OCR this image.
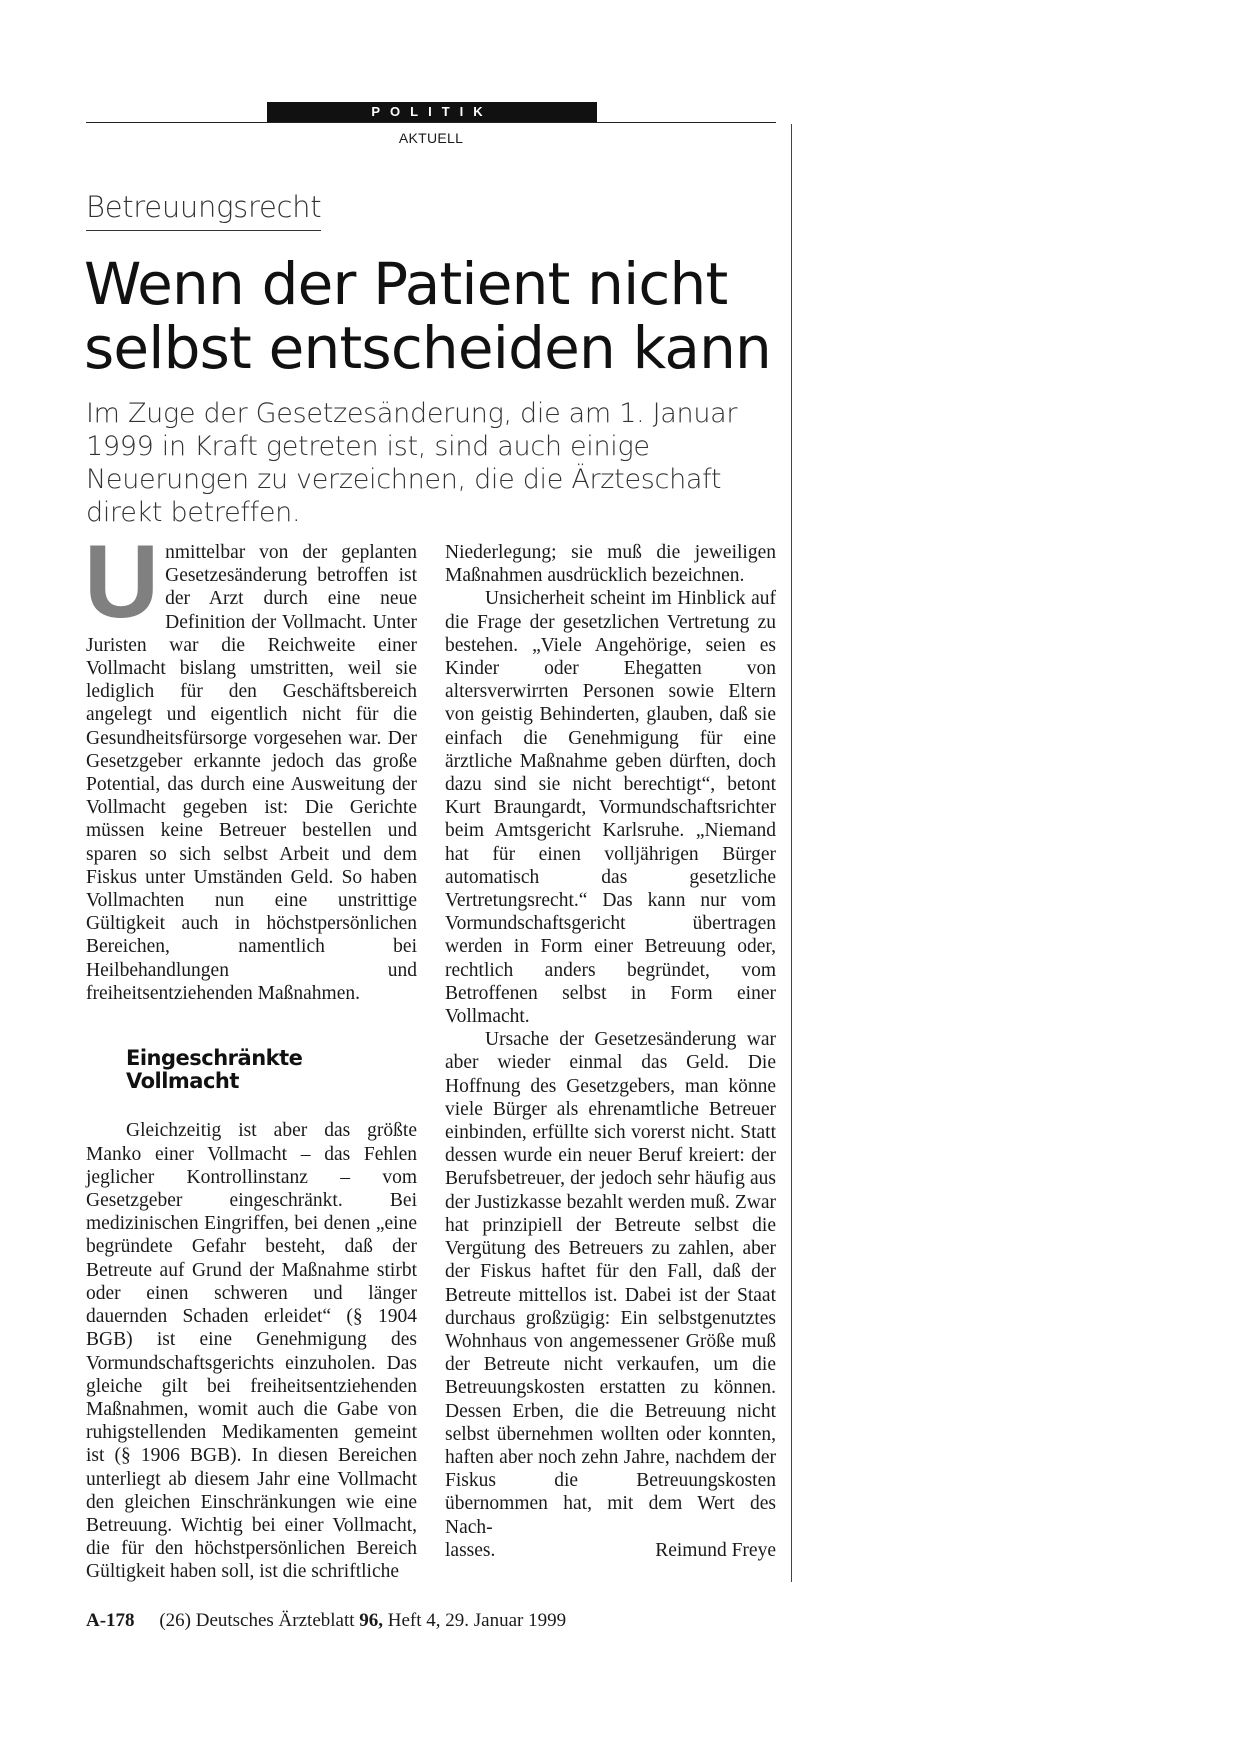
POLITIK
AKTUELL
Betreuungsrecht
Wenn der Patient nicht
selbst entscheiden kann

Im Zuge der Gesetzesänderung, die am 1. Januar 1999 in Kraft getreten ist, sind auch einige Neuerungen zu verzeichnen, die die Ärzteschaft direkt betreffen.

Unmittelbar von der geplanten Gesetzesänderung betroffen ist der Arzt durch eine neue Definition der Vollmacht. Unter Juristen war die Reichweite einer Vollmacht bislang umstritten, weil sie lediglich für den Geschäftsbereich angelegt und eigentlich nicht für die Gesundheitsfürsorge vorgesehen war. Der Gesetzgeber erkannte jedoch das große Potential, das durch eine Ausweitung der Vollmacht gegeben ist: Die Gerichte müssen keine Betreuer bestellen und sparen so sich selbst Arbeit und dem Fiskus unter Umständen Geld. So haben Vollmachten nun eine unstrittige Gültigkeit auch in höchstpersönlichen Bereichen, namentlich bei Heilbehandlungen und freiheitsentziehenden Maßnahmen.

Eingeschränkte Vollmacht

Gleichzeitig ist aber das größte Manko einer Vollmacht – das Fehlen jeglicher Kontrollinstanz – vom Gesetzgeber eingeschränkt. Bei medizinischen Eingriffen, bei denen „eine begründete Gefahr besteht, daß der Betreute auf Grund der Maßnahme stirbt oder einen schweren und länger dauernden Schaden erleidet“ (§ 1904 BGB) ist eine Genehmigung des Vormundschaftsgerichts einzuholen. Das gleiche gilt bei freiheitsentziehenden Maßnahmen, womit auch die Gabe von ruhigstellenden Medikamenten gemeint ist (§ 1906 BGB). In diesen Bereichen unterliegt ab diesem Jahr eine Vollmacht den gleichen Einschränkungen wie eine Betreuung. Wichtig bei einer Vollmacht, die für den höchstpersönlichen Bereich Gültigkeit haben soll, ist die schriftliche

Niederlegung; sie muß die jeweiligen Maßnahmen ausdrücklich bezeichnen.

Unsicherheit scheint im Hinblick auf die Frage der gesetzlichen Vertretung zu bestehen. „Viele Angehörige, seien es Kinder oder Ehegatten von altersverwirrten Personen sowie Eltern von geistig Behinderten, glauben, daß sie einfach die Genehmigung für eine ärztliche Maßnahme geben dürften, doch dazu sind sie nicht berechtigt“, betont Kurt Braungardt, Vormundschaftsrichter beim Amtsgericht Karlsruhe. „Niemand hat für einen volljährigen Bürger automatisch das gesetzliche Vertretungsrecht.“ Das kann nur vom Vormundschaftsgericht übertragen werden in Form einer Betreuung oder, rechtlich anders begründet, vom Betroffenen selbst in Form einer Vollmacht.

Ursache der Gesetzesänderung war aber wieder einmal das Geld. Die Hoffnung des Gesetzgebers, man könne viele Bürger als ehrenamtliche Betreuer einbinden, erfüllte sich vorerst nicht. Statt dessen wurde ein neuer Beruf kreiert: der Berufsbetreuer, der jedoch sehr häufig aus der Justizkasse bezahlt werden muß. Zwar hat prinzipiell der Betreute selbst die Vergütung des Betreuers zu zahlen, aber der Fiskus haftet für den Fall, daß der Betreute mittellos ist. Dabei ist der Staat durchaus großzügig: Ein selbstgenutztes Wohnhaus von angemessener Größe muß der Betreute nicht verkaufen, um die Betreuungskosten erstatten zu können. Dessen Erben, die die Betreuung nicht selbst übernehmen wollten oder konnten, haften aber noch zehn Jahre, nachdem der Fiskus die Betreuungskosten übernommen hat, mit dem Wert des Nach-

lasses.	Reimund Freye
A-178 (26) Deutsches Ärzteblatt 96, Heft 4, 29. Januar 1999
